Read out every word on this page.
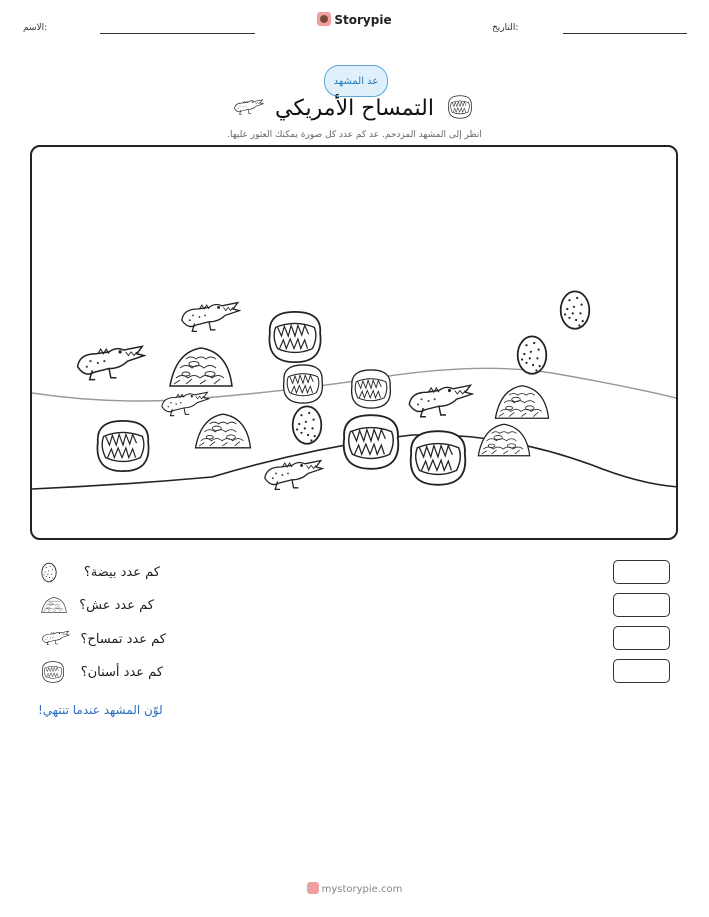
الاسم:
Storypie
التاريخ:
عد المشهد
التمساح الأمريكي
انظر إلى المشهد المزدحم. عد كم عدد كل صورة يمكنك العثور عليها.
كم عدد بيضة؟
كم عدد عش؟
كم عدد تمساح؟
كم عدد أسنان؟
لوّن المشهد عندما تنتهي!
mystorypie.com
